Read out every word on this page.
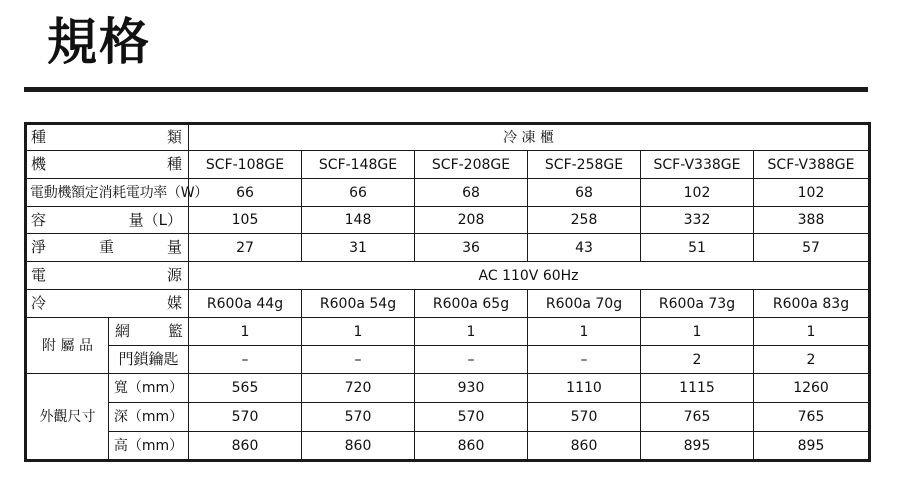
規格
種 類		冷 凍 櫃					

機 種		SCF-108GE	SCF-148GE	SCF-208GE	SCF-258GE	SCF-V338GE	SCF-V388GE
電動機額定消耗電功率（W）		66	66	68	68	102	102

容 量（L）		105	148	208	258	332	388

淨 重 量		27	31	36	43	51	57

電 源		AC 110V 60Hz					

冷 媒		R600a 44g	R600a 54g	R600a 65g	R600a 70g	R600a 73g	R600a 83g
附 屬 品	網 籃	1	1	1	1	1	1
	門鎖鑰匙	–	–	–	–	2	2
外觀尺寸	寬（mm）	565	720	930	1110	1115	1260
	深（mm）	570	570	570	570	765	765
	高（mm）	860	860	860	860	895	895
